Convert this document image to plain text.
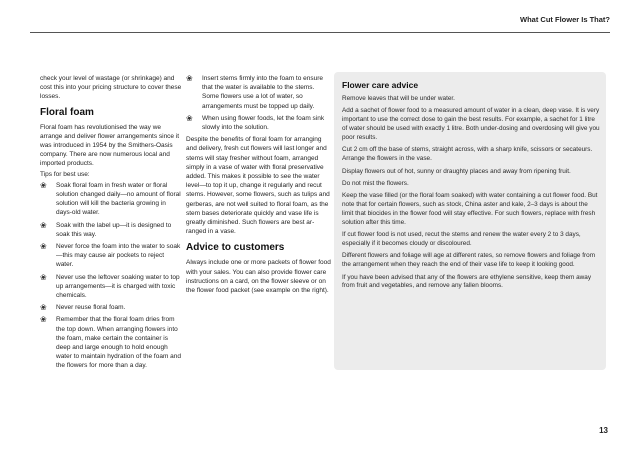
What Cut Flower Is That?

check your level of wastage (or shrinkage) and cost this into your pricing structure to cover these losses.

Floral foam

Floral foam has revolutionised the way we arrange and deliver flower arrangements since it was introduced in 1954 by the Smithers-Oasis company. There are now numerous local and imported products.

Tips for best use:

❀ Soak floral foam in fresh water or floral solution changed daily—no amount of floral solution will kill the bacteria growing in days-old water.
❀ Soak with the label up—it is designed to soak this way.
❀ Never force the foam into the water to soak—this may cause air pockets to reject water.
❀ Never use the leftover soaking water to top up arrangements—it is charged with toxic chemicals.
❀ Never reuse floral foam.
❀ Remember that the floral foam dries from the top down. When arranging flowers into the foam, make certain the container is deep and large enough to hold enough water to maintain hydration of the foam and the flowers for more than a day.
❀ Insert stems firmly into the foam to ensure that the water is available to the stems. Some flowers use a lot of water, so arrangements must be topped up daily.
❀ When using flower foods, let the foam sink slowly into the solution.

Despite the benefits of floral foam for arranging and delivery, fresh cut flowers will last longer and stems will stay fresher without foam, arranged simply in a vase of water with floral preservative added. This makes it possible to see the water level—to top it up, change it regularly and recut stems. However, some flowers, such as tulips and gerberas, are not well suited to floral foam, as the stem bases deteriorate quickly and vase life is greatly diminished. Such flowers are best arranged in a vase.

Advice to customers

Always include one or more packets of flower food with your sales. You can also provide flower care instructions on a card, on the flower sleeve or on the flower food packet (see example on the right).

Flower care advice

Remove leaves that will be under water.

Add a sachet of flower food to a measured amount of water in a clean, deep vase. It is very important to use the correct dose to gain the best results. For example, a sachet for 1 litre of water should be used with exactly 1 litre. Both under-dosing and overdosing will give you poor results.

Cut 2 cm off the base of stems, straight across, with a sharp knife, scissors or secateurs. Arrange the flowers in the vase.

Display flowers out of hot, sunny or draughty places and away from ripening fruit.

Do not mist the flowers.

Keep the vase filled (or the floral foam soaked) with water containing a cut flower food. But note that for certain flowers, such as stock, China aster and kale, 2–3 days is about the limit that biocides in the flower food will stay effective. For such flowers, replace with fresh solution after this time.

If cut flower food is not used, recut the stems and renew the water every 2 to 3 days, especially if it becomes cloudy or discoloured.

Different flowers and foliage will age at different rates, so remove flowers and foliage from the arrangement when they reach the end of their vase life to keep it looking good.

If you have been advised that any of the flowers are ethylene sensitive, keep them away from fruit and vegetables, and remove any fallen blooms.

13
